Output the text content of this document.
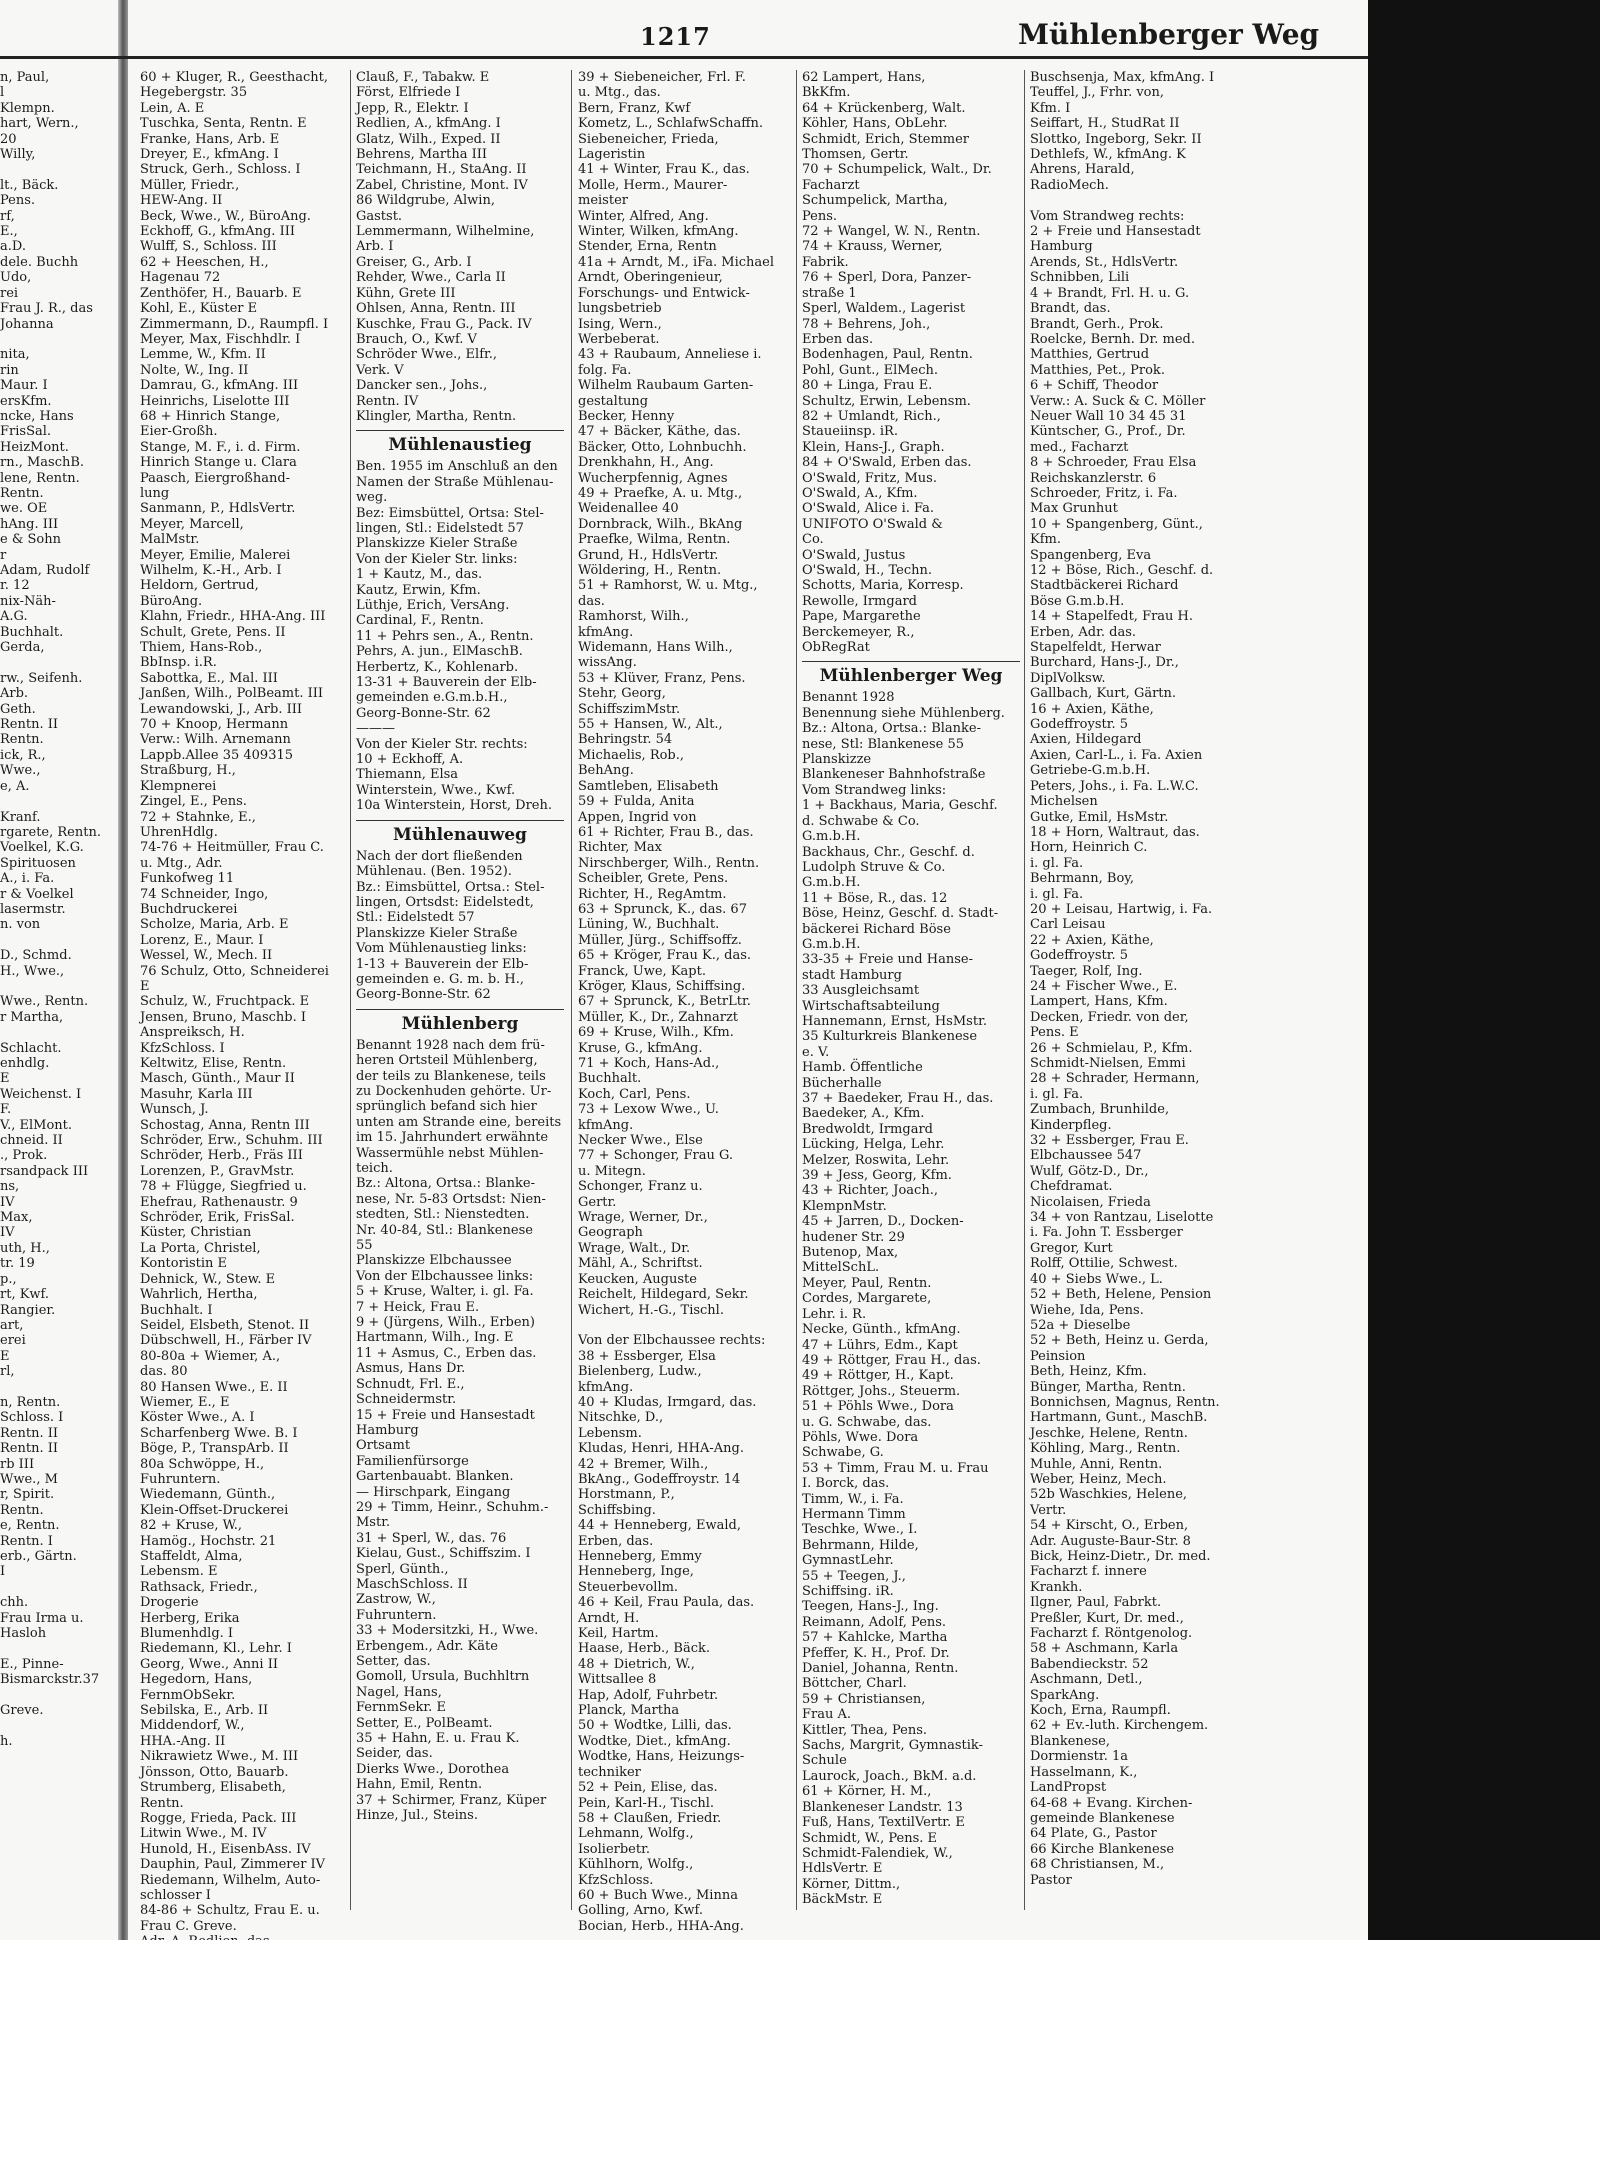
1217	Mühlenberger Weg
n, Paul,
l
Klempn.
hart, Wern.,
20
Willy,

lt., Bäck.
Pens.
rf,
E.,
a.D.
dele. Buchh
Udo,
rei
Frau J. R., das
Johanna

nita,
rin
Maur. I
ersKfm.
ncke, Hans
FrisSal.
HeizMont.
rn., MaschB.
lene, Rentn.
Rentn.
we. OE
hAng. III
e & Sohn
r
Adam, Rudolf
r. 12
nix-Näh-
A.G.
Buchhalt.
Gerda,

rw., Seifenh.
Arb.
Geth.
Rentn. II
Rentn.
ick, R.,
Wwe.,
e, A.

Kranf.
rgarete, Rentn.
Voelkel, K.G.
Spirituosen
A., i. Fa.
r & Voelkel
lasermstr.
n. von

D., Schmd.
H., Wwe.,

Wwe., Rentn.
r Martha,

Schlacht.
enhdlg.
E
Weichenst. I
F.
V., ElMont.
chneid. II
., Prok.
rsandpack III
ns,
IV
Max,
IV
uth, H.,
tr. 19
p.,
rt, Kwf.
Rangier.
art,
erei
E
rl,

n, Rentn.
Schloss. I
Rentn. II
Rentn. II
rb III
Wwe., M
r, Spirit.
Rentn.
e, Rentn.
Rentn. I
erb., Gärtn.
I

chh.
Frau Irma u.
Hasloh

E., Pinne-
Bismarckstr.37

Greve.

h.
60 + Kluger, R., Geesthacht,
Hegebergstr. 35
Lein, A. E
Tuschka, Senta, Rentn. E
Franke, Hans, Arb. E
Dreyer, E., kfmAng. I
Struck, Gerh., Schloss. I
Müller, Friedr.,
HEW-Ang. II
Beck, Wwe., W., BüroAng.
Eckhoff, G., kfmAng. III
Wulff, S., Schloss. III
62 + Heeschen, H.,
Hagenau 72
Zenthöfer, H., Bauarb. E
Kohl, E., Küster E
Zimmermann, D., Raumpfl. I
Meyer, Max, Fischhdlr. I
Lemme, W., Kfm. II
Nolte, W., Ing. II
Damrau, G., kfmAng. III
Heinrichs, Liselotte III
68 + Hinrich Stange,
Eier-Großh.
Stange, M. F., i. d. Firm.
Hinrich Stange u. Clara
Paasch, Eiergroßhand-
lung
Sanmann, P., HdlsVertr.
Meyer, Marcell,
MalMstr.
Meyer, Emilie, Malerei
Wilhelm, K.-H., Arb. I
Heldorn, Gertrud,
BüroAng.
Klahn, Friedr., HHA-Ang. III
Schult, Grete, Pens. II
Thiem, Hans-Rob.,
BbInsp. i.R.
Sabottka, E., Mal. III
Janßen, Wilh., PolBeamt. III
Lewandowski, J., Arb. III
70 + Knoop, Hermann
Verw.: Wilh. Arnemann
Lappb.Allee 35 409315
Straßburg, H.,
Klempnerei
Zingel, E., Pens.
72 + Stahnke, E.,
UhrenHdlg.
74-76 + Heitmüller, Frau C.
u. Mtg., Adr.
Funkofweg 11
74 Schneider, Ingo,
Buchdruckerei
Scholze, Maria, Arb. E
Lorenz, E., Maur. I
Wessel, W., Mech. II
76 Schulz, Otto, Schneiderei
E
Schulz, W., Fruchtpack. E
Jensen, Bruno, Maschb. I
Anspreiksch, H.
KfzSchloss. I
Keltwitz, Elise, Rentn.
Masch, Günth., Maur II
Masuhr, Karla III
Wunsch, J.
Schostag, Anna, Rentn III
Schröder, Erw., Schuhm. III
Schröder, Herb., Fräs III
Lorenzen, P., GravMstr.
78 + Flügge, Siegfried u.
Ehefrau, Rathenaustr. 9
Schröder, Erik, FrisSal.
Küster, Christian
La Porta, Christel,
Kontoristin E
Dehnick, W., Stew. E
Wahrlich, Hertha,
Buchhalt. I
Seidel, Elsbeth, Stenot. II
Dübschwell, H., Färber IV
80-80a + Wiemer, A.,
das. 80
80 Hansen Wwe., E. II
Wiemer, E., E
Köster Wwe., A. I
Scharfenberg Wwe. B. I
Böge, P., TranspArb. II
80a Schwöppe, H.,
Fuhruntern.
Wiedemann, Günth.,
Klein-Offset-Druckerei
82 + Kruse, W.,
Hamög., Hochstr. 21
Staffeldt, Alma,
Lebensm. E
Rathsack, Friedr.,
Drogerie
Herberg, Erika
Blumenhdlg. I
Riedemann, Kl., Lehr. I
Georg, Wwe., Anni II
Hegedorn, Hans,
FernmObSekr.
Sebilska, E., Arb. II
Middendorf, W.,
HHA.-Ang. II
Nikrawietz Wwe., M. III
Jönsson, Otto, Bauarb.
Strumberg, Elisabeth,
Rentn.
Rogge, Frieda, Pack. III
Litwin Wwe., M. IV
Hunold, H., EisenbAss. IV
Dauphin, Paul, Zimmerer IV
Riedemann, Wilhelm, Auto-
schlosser I
84-86 + Schultz, Frau E. u.
Frau C. Greve.
Clauß, F., Tabakw. E
Först, Elfriede I
Jepp, R., Elektr. I
Redlien, A., kfmAng. I
Glatz, Wilh., Exped. II
Behrens, Martha III
Teichmann, H., StaAng. II
Zabel, Christine, Mont. IV
86 Wildgrube, Alwin,
Gastst.
Lemmermann, Wilhelmine,
Arb. I
Greiser, G., Arb. I
Rehder, Wwe., Carla II
Kühn, Grete III
Ohlsen, Anna, Rentn. III
Kuschke, Frau G., Pack. IV
Brauch, O., Kwf. V
Schröder Wwe., Elfr.,
Verk. V
Dancker sen., Johs.,
Rentn. IV
Klingler, Martha, Rentn.
Mühlenaustieg
Ben. 1955 im Anschluß an den
Namen der Straße Mühlenau-
weg.
Bez: Eimsbüttel, Ortsa: Stel-
lingen, Stl.: Eidelstedt 57
Planskizze Kieler Straße
Von der Kieler Str. links:
1 + Kautz, M., das.
Kautz, Erwin, Kfm.
Lüthje, Erich, VersAng.
Cardinal, F., Rentn.
11 + Pehrs sen., A., Rentn.
Pehrs, A. jun., ElMaschB.
Herbertz, K., Kohlenarb.
13-31 + Bauverein der Elb-
gemeinden e.G.m.b.H.,
Georg-Bonne-Str. 62
———
Von der Kieler Str. rechts:
10 + Eckhoff, A.
Thiemann, Elsa
Winterstein, Wwe., Kwf.
10a Winterstein, Horst, Dreh.
Mühlenauweg
Nach der dort fließenden
Mühlenau. (Ben. 1952).
Bz.: Eimsbüttel, Ortsa.: Stel-
lingen, Ortsdst: Eidelstedt,
Stl.: Eidelstedt 57
Planskizze Kieler Straße
Vom Mühlenaustieg links:
1-13 + Bauverein der Elb-
gemeinden e. G. m. b. H.,
Georg-Bonne-Str. 62
Mühlenberg
Benannt 1928 nach dem frü-
heren Ortsteil Mühlenberg,
der teils zu Blankenese, teils
zu Dockenhuden gehörte. Ur-
sprünglich befand sich hier
unten am Strande eine, bereits
im 15. Jahrhundert erwähnte
Wassermühle nebst Mühlen-
teich.
Bz.: Altona, Ortsa.: Blanke-
nese, Nr. 5-83 Ortsdst: Nien-
stedten, Stl.: Nienstedten.
Nr. 40-84, Stl.: Blankenese
55
Planskizze Elbchaussee
Von der Elbchaussee links:
5 + Kruse, Walter, i. gl. Fa.
7 + Heick, Frau E.
9 + (Jürgens, Wilh., Erben)
Hartmann, Wilh., Ing. E
11 + Asmus, C., Erben das.
Asmus, Hans Dr.
Schnudt, Frl. E.,
Schneidermstr.
15 + Freie und Hansestadt
Hamburg
Ortsamt
Familienfürsorge
Gartenbauabt. Blanken.
— Hirschpark, Eingang
29 + Timm, Heinr., Schuhm.-
Mstr.
31 + Sperl, W., das. 76
Kielau, Gust., Schiffszim. I
Sperl, Günth.,
MaschSchloss. II
Zastrow, W.,
Fuhruntern.
33 + Modersitzki, H., Wwe.
Erbengem., Adr. Käte
Setter, das.
Gomoll, Ursula, Buchhltrn
Nagel, Hans,
FernmSekr. E
Setter, E., PolBeamt.
35 + Hahn, E. u. Frau K.
Seider, das.
Dierks Wwe., Dorothea
Hahn, Emil, Rentn.
37 + Schirmer, Franz, Küper
Hinze, Jul., Steins.
39 + Siebeneicher, Frl. F.
u. Mtg., das.
Bern, Franz, Kwf
Kometz, L., SchlafwSchaffn.
Siebeneicher, Frieda,
Lageristin
41 + Winter, Frau K., das.
Molle, Herm., Maurer-
meister
Winter, Alfred, Ang.
Winter, Wilken, kfmAng.
Stender, Erna, Rentn
41a + Arndt, M., iFa. Michael
Arndt, Oberingenieur,
Forschungs- und Entwick-
lungsbetrieb
Ising, Wern.,
Werbeberat.
43 + Raubaum, Anneliese i.
folg. Fa.
Wilhelm Raubaum Garten-
gestaltung
Becker, Henny
47 + Bäcker, Käthe, das.
Bäcker, Otto, Lohnbuchh.
Drenkhahn, H., Ang.
Wucherpfennig, Agnes
49 + Praefke, A. u. Mtg.,
Weidenallee 40
Dornbrack, Wilh., BkAng
Praefke, Wilma, Rentn.
Grund, H., HdlsVertr.
Wöldering, H., Rentn.
51 + Ramhorst, W. u. Mtg.,
das.
Ramhorst, Wilh.,
kfmAng.
Widemann, Hans Wilh.,
wissAng.
53 + Klüver, Franz, Pens.
Stehr, Georg,
SchiffszimMstr.
55 + Hansen, W., Alt.,
Behringstr. 54
Michaelis, Rob.,
BehAng.
Samtleben, Elisabeth
59 + Fulda, Anita
Appen, Ingrid von
61 + Richter, Frau B., das.
Richter, Max
Nirschberger, Wilh., Rentn.
Scheibler, Grete, Pens.
Richter, H., RegAmtm.
63 + Sprunck, K., das. 67
Lüning, W., Buchhalt.
Müller, Jürg., Schiffsoffz.
65 + Kröger, Frau K., das.
Franck, Uwe, Kapt.
Kröger, Klaus, Schiffsing.
67 + Sprunck, K., BetrLtr.
Müller, K., Dr., Zahnarzt
69 + Kruse, Wilh., Kfm.
Kruse, G., kfmAng.
71 + Koch, Hans-Ad.,
Buchhalt.
Koch, Carl, Pens.
73 + Lexow Wwe., U.
kfmAng.
Necker Wwe., Else
77 + Schonger, Frau G.
u. Mitegn.
Schonger, Franz u.
Gertr.
Wrage, Werner, Dr.,
Geograph
Wrage, Walt., Dr.
Mähl, A., Schriftst.
Keucken, Auguste
Reichelt, Hildegard, Sekr.
Wichert, H.-G., Tischl.

Von der Elbchaussee rechts:
38 + Essberger, Elsa
Bielenberg, Ludw.,
kfmAng.
40 + Kludas, Irmgard, das.
Nitschke, D.,
Lebensm.
Kludas, Henri, HHA-Ang.
42 + Bremer, Wilh.,
BkAng., Godeffroystr. 14
Horstmann, P.,
Schiffsbing.
44 + Henneberg, Ewald,
Erben, das.
Henneberg, Emmy
Henneberg, Inge,
Steuerbevollm.
46 + Keil, Frau Paula, das.
Arndt, H.
Keil, Hartm.
Haase, Herb., Bäck.
48 + Dietrich, W.,
Wittsallee 8
Hap, Adolf, Fuhrbetr.
Planck, Martha
50 + Wodtke, Lilli, das.
Wodtke, Diet., kfmAng.
Wodtke, Hans, Heizungs-
techniker
52 + Pein, Elise, das.
Pein, Karl-H., Tischl.
58 + Claußen, Friedr.
Lehmann, Wolfg.,
Isolierbetr.
Kühlhorn, Wolfg.,
KfzSchloss.
60 + Buch Wwe., Minna
Golling, Arno, Kwf.
Bocian, Herb., HHA-Ang.
62 Lampert, Hans,
BkKfm.
64 + Krückenberg, Walt.
Köhler, Hans, ObLehr.
Schmidt, Erich, Stemmer
Thomsen, Gertr.
70 + Schumpelick, Walt., Dr.
Facharzt
Schumpelick, Martha,
Pens.
72 + Wangel, W. N., Rentn.
74 + Krauss, Werner,
Fabrik.
76 + Sperl, Dora, Panzer-
straße 1
Sperl, Waldem., Lagerist
78 + Behrens, Joh.,
Erben das.
Bodenhagen, Paul, Rentn.
Pohl, Gunt., ElMech.
80 + Linga, Frau E.
Schultz, Erwin, Lebensm.
82 + Umlandt, Rich.,
Staueiinsp. iR.
Klein, Hans-J., Graph.
84 + O'Swald, Erben das.
O'Swald, Fritz, Mus.
O'Swald, A., Kfm.
O'Swald, Alice i. Fa.
UNIFOTO O'Swald &
Co.
O'Swald, Justus
O'Swald, H., Techn.
Schotts, Maria, Korresp.
Rewolle, Irmgard
Pape, Margarethe
Berckemeyer, R.,
ObRegRat
Mühlenberger Weg
Benannt 1928
Benennung siehe Mühlenberg.
Bz.: Altona, Ortsa.: Blanke-
nese, Stl: Blankenese 55
Planskizze
Blankeneser Bahnhofstraße
Vom Strandweg links:
1 + Backhaus, Maria, Geschf.
d. Schwabe & Co.
G.m.b.H.
Backhaus, Chr., Geschf. d.
Ludolph Struve & Co.
G.m.b.H.
11 + Böse, R., das. 12
Böse, Heinz, Geschf. d. Stadt-
bäckerei Richard Böse
G.m.b.H.
33-35 + Freie und Hanse-
stadt Hamburg
33 Ausgleichsamt
Wirtschaftsabteilung
Hannemann, Ernst, HsMstr.
35 Kulturkreis Blankenese
e. V.
Hamb. Öffentliche
Bücherhalle
37 + Baedeker, Frau H., das.
Baedeker, A., Kfm.
Bredwoldt, Irmgard
Lücking, Helga, Lehr.
Melzer, Roswita, Lehr.
39 + Jess, Georg, Kfm.
43 + Richter, Joach.,
KlempnMstr.
45 + Jarren, D., Docken-
hudener Str. 29
Butenop, Max,
MittelSchL.
Meyer, Paul, Rentn.
Cordes, Margarete,
Lehr. i. R.
Necke, Günth., kfmAng.
47 + Lührs, Edm., Kapt
49 + Röttger, Frau H., das.
49 + Röttger, H., Kapt.
Röttger, Johs., Steuerm.
51 + Pöhls Wwe., Dora
u. G. Schwabe, das.
Pöhls, Wwe. Dora
Schwabe, G.
53 + Timm, Frau M. u. Frau
I. Borck, das.
Timm, W., i. Fa.
Hermann Timm
Teschke, Wwe., I.
Behrmann, Hilde,
GymnastLehr.
55 + Teegen, J.,
Schiffsing. iR.
Teegen, Hans-J., Ing.
Reimann, Adolf, Pens.
57 + Kahlcke, Martha
Pfeffer, K. H., Prof. Dr.
Daniel, Johanna, Rentn.
Böttcher, Charl.
59 + Christiansen,
Frau A.
Kittler, Thea, Pens.
Sachs, Margrit, Gymnastik-
Schule
Laurock, Joach., BkM. a.d.
61 + Körner, H. M.,
Blankeneser Landstr. 13
Fuß, Hans, TextilVertr. E
Schmidt, W., Pens. E
Schmidt-Falendiek, W.,
HdlsVertr. E
Körner, Dittm.,
BäckMstr. E
Buschsenja, Max, kfmAng. I
Teuffel, J., Frhr. von,
Kfm. I
Seiffart, H., StudRat II
Slottko, Ingeborg, Sekr. II
Dethlefs, W., kfmAng. K
Ahrens, Harald,
RadioMech.

Vom Strandweg rechts:
2 + Freie und Hansestadt
Hamburg
Arends, St., HdlsVertr.
Schnibben, Lili
4 + Brandt, Frl. H. u. G.
Brandt, das.
Brandt, Gerh., Prok.
Roelcke, Bernh. Dr. med.
Matthies, Gertrud
Matthies, Pet., Prok.
6 + Schiff, Theodor
Verw.: A. Suck & C. Möller
Neuer Wall 10 34 45 31
Küntscher, G., Prof., Dr.
med., Facharzt
8 + Schroeder, Frau Elsa
Reichskanzlerstr. 6
Schroeder, Fritz, i. Fa.
Max Grunhut
10 + Spangenberg, Günt.,
Kfm.
Spangenberg, Eva
12 + Böse, Rich., Geschf. d.
Stadtbäckerei Richard
Böse G.m.b.H.
14 + Stapelfedt, Frau H.
Erben, Adr. das.
Stapelfeldt, Herwar
Burchard, Hans-J., Dr.,
DiplVolksw.
Gallbach, Kurt, Gärtn.
16 + Axien, Käthe,
Godeffroystr. 5
Axien, Hildegard
Axien, Carl-L., i. Fa. Axien
Getriebe-G.m.b.H.
Peters, Johs., i. Fa. L.W.C.
Michelsen
Gutke, Emil, HsMstr.
18 + Horn, Waltraut, das.
Horn, Heinrich C.
i. gl. Fa.
Behrmann, Boy,
i. gl. Fa.
20 + Leisau, Hartwig, i. Fa.
Carl Leisau
22 + Axien, Käthe,
Godeffroystr. 5
Taeger, Rolf, Ing.
24 + Fischer Wwe., E.
Lampert, Hans, Kfm.
Decken, Friedr. von der,
Pens. E
26 + Schmielau, P., Kfm.
Schmidt-Nielsen, Emmi
28 + Schrader, Hermann,
i. gl. Fa.
Zumbach, Brunhilde,
Kinderpfleg.
32 + Essberger, Frau E.
Elbchaussee 547
Wulf, Götz-D., Dr.,
Chefdramat.
Nicolaisen, Frieda
34 + von Rantzau, Liselotte
i. Fa. John T. Essberger
Gregor, Kurt
Rolff, Ottilie, Schwest.
40 + Siebs Wwe., L.
52 + Beth, Helene, Pension
Wiehe, Ida, Pens.
52a + Dieselbe
52 + Beth, Heinz u. Gerda,
Peinsion
Beth, Heinz, Kfm.
Bünger, Martha, Rentn.
Bonnichsen, Magnus, Rentn.
Hartmann, Gunt., MaschB.
Jeschke, Helene, Rentn.
Köhling, Marg., Rentn.
Muhle, Anni, Rentn.
Weber, Heinz, Mech.
52b Waschkies, Helene,
Vertr.
54 + Kirscht, O., Erben,
Adr. Auguste-Baur-Str. 8
Bick, Heinz-Dietr., Dr. med.
Facharzt f. innere
Krankh.
Ilgner, Paul, Fabrkt.
Preßler, Kurt, Dr. med.,
Facharzt f. Röntgenolog.
58 + Aschmann, Karla
Babendieckstr. 52
Aschmann, Detl.,
SparkAng.
Koch, Erna, Raumpfl.
62 + Ev.-luth. Kirchengem.
Blankenese,
Dormienstr. 1a
Hasselmann, K.,
LandPropst
64-68 + Evang. Kirchen-
gemeinde Blankenese
64 Plate, G., Pastor
66 Kirche Blankenese
68 Christiansen, M.,
Pastor
